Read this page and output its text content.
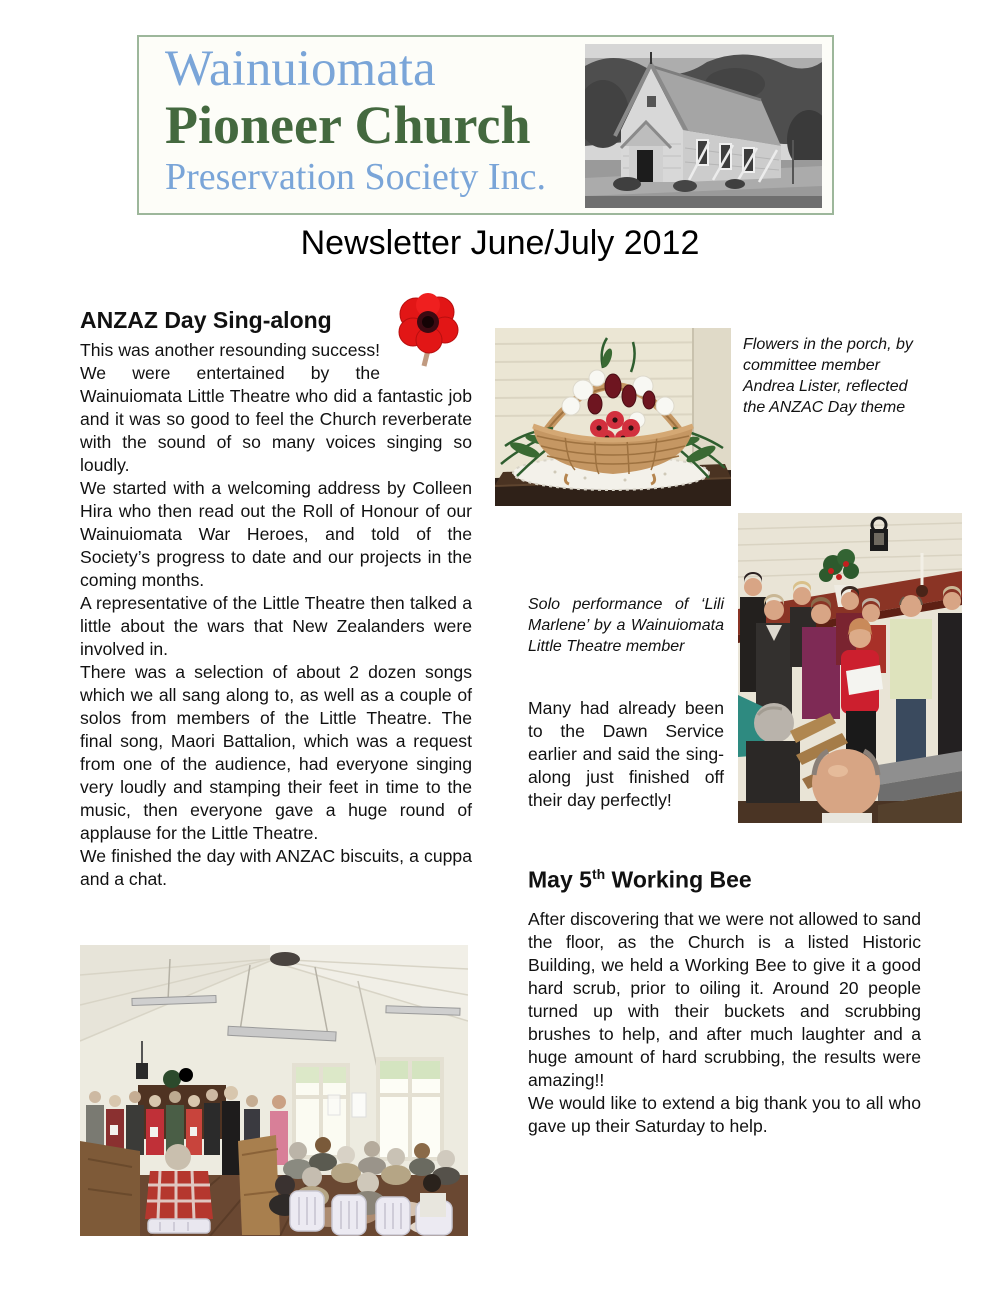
Wainuiomata
Pioneer Church
Preservation Society Inc.
Newsletter June/July 2012
ANZAZ Day Sing-along

This was another resounding success! We were entertained by the Wainuiomata Little Theatre who did a fantastic job and it was so good to feel the Church reverberate with the sound of so many voices singing so loudly.

We started with a welcoming address by Colleen Hira who then read out the Roll of Honour of our Wainuiomata War Heroes, and told of the Society’s progress to date and our projects in the coming months.

A representative of the Little Theatre then talked a little about the wars that New Zealanders were involved in.

There was a selection of about 2 dozen songs which we all sang along to, as well as a couple of solos from members of the Little Theatre. The final song, Maori Battalion, which was a request from one of the audience, had everyone singing very loudly and stamping their feet in time to the music, then everyone gave a huge round of applause for the Little Theatre.

We finished the day with ANZAC biscuits, a cuppa and a chat.

Flowers in the porch, by committee member Andrea Lister, reflected the ANZAC Day theme
Solo performance of ‘Lili Marlene’ by a Wainuiomata Little Theatre member
Many had already been to the Dawn Service earlier and said the sing-along just finished off their day perfectly!
May 5th Working Bee

After discovering that we were not allowed to sand the floor, as the Church is a listed Historic Building, we held a Working Bee to give it a good hard scrub, prior to oiling it. Around 20 people turned up with their buckets and scrubbing brushes to help, and after much laughter and a huge amount of hard scrubbing, the results were amazing!!

We would like to extend a big thank you to all who gave up their Saturday to help.
